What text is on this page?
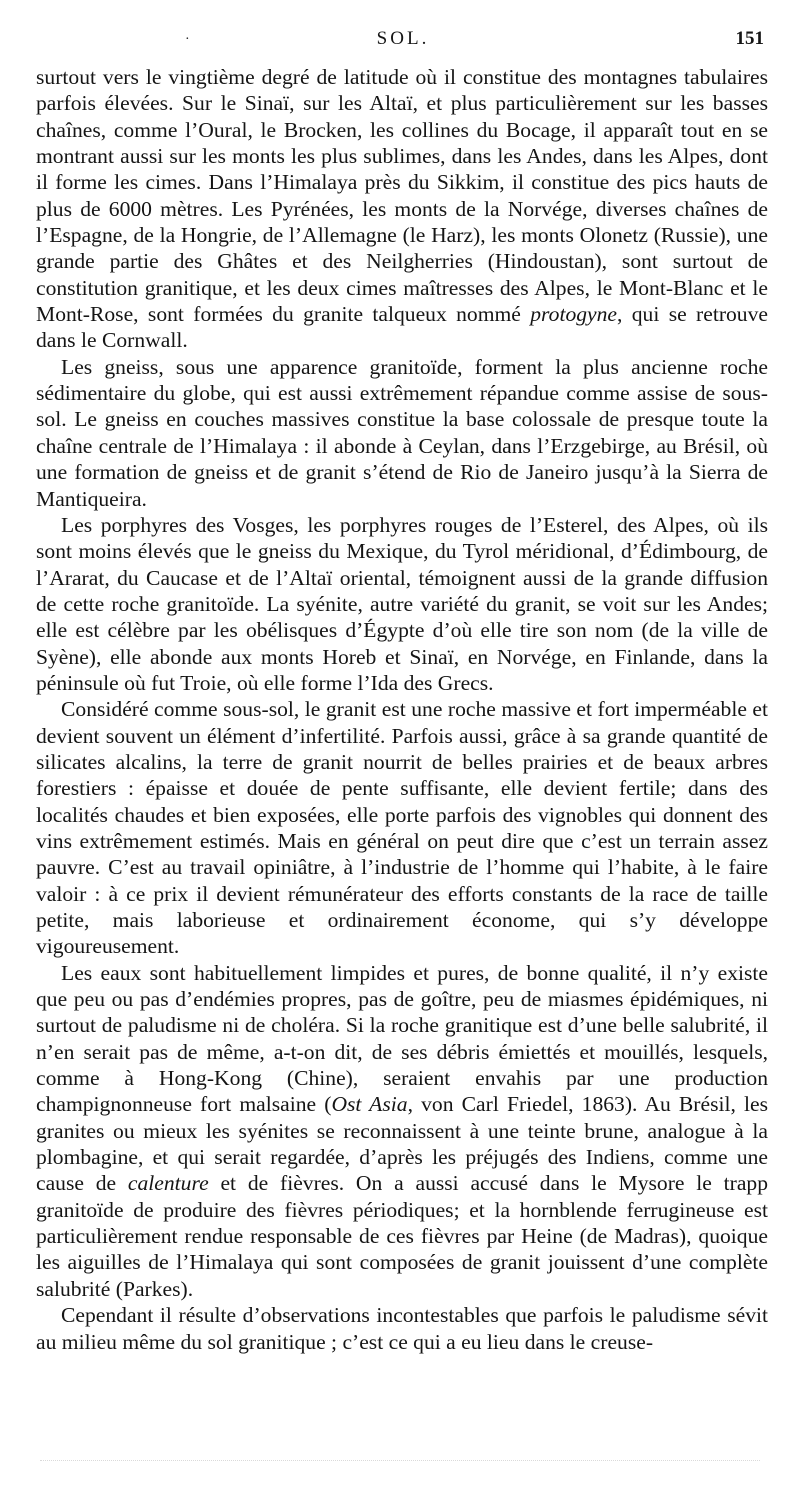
·	SOL.	151

surtout vers le vingtième degré de latitude où il constitue des montagnes tabulaires parfois élevées. Sur le Sinaï, sur les Altaï, et plus particulièrement sur les basses chaînes, comme l’Oural, le Brocken, les collines du Bocage, il apparaît tout en se montrant aussi sur les monts les plus sublimes, dans les Andes, dans les Alpes, dont il forme les cimes. Dans l’Himalaya près du Sikkim, il constitue des pics hauts de plus de 6000 mètres. Les Pyrénées, les monts de la Norvége, diverses chaînes de l’Espagne, de la Hongrie, de l’Allemagne (le Harz), les monts Olonetz (Russie), une grande partie des Ghâtes et des Neilgherries (Hindoustan), sont surtout de constitution granitique, et les deux cimes maîtresses des Alpes, le Mont-Blanc et le Mont-Rose, sont formées du granite talqueux nommé protogyne, qui se retrouve dans le Cornwall.

Les gneiss, sous une apparence granitoïde, forment la plus ancienne roche sédimentaire du globe, qui est aussi extrêmement répandue comme assise de sous-sol. Le gneiss en couches massives constitue la base colossale de presque toute la chaîne centrale de l’Himalaya : il abonde à Ceylan, dans l’Erzgebirge, au Brésil, où une formation de gneiss et de granit s’étend de Rio de Janeiro jusqu’à la Sierra de Mantiqueira.

Les porphyres des Vosges, les porphyres rouges de l’Esterel, des Alpes, où ils sont moins élevés que le gneiss du Mexique, du Tyrol méridional, d’Édimbourg, de l’Ararat, du Caucase et de l’Altaï oriental, témoignent aussi de la grande diffusion de cette roche granitoïde. La syénite, autre variété du granit, se voit sur les Andes; elle est célèbre par les obélisques d’Égypte d’où elle tire son nom (de la ville de Syène), elle abonde aux monts Horeb et Sinaï, en Norvége, en Finlande, dans la péninsule où fut Troie, où elle forme l’Ida des Grecs.

Considéré comme sous-sol, le granit est une roche massive et fort imperméable et devient souvent un élément d’infertilité. Parfois aussi, grâce à sa grande quantité de silicates alcalins, la terre de granit nourrit de belles prairies et de beaux arbres forestiers : épaisse et douée de pente suffisante, elle devient fertile; dans des localités chaudes et bien exposées, elle porte parfois des vignobles qui donnent des vins extrêmement estimés. Mais en général on peut dire que c’est un terrain assez pauvre. C’est au travail opiniâtre, à l’industrie de l’homme qui l’habite, à le faire valoir : à ce prix il devient rémunérateur des efforts constants de la race de taille petite, mais laborieuse et ordinairement économe, qui s’y développe vigoureusement.

Les eaux sont habituellement limpides et pures, de bonne qualité, il n’y existe que peu ou pas d’endémies propres, pas de goître, peu de miasmes épidémiques, ni surtout de paludisme ni de choléra. Si la roche granitique est d’une belle salubrité, il n’en serait pas de même, a-t-on dit, de ses débris émiettés et mouillés, lesquels, comme à Hong-Kong (Chine), seraient envahis par une production champignonneuse fort malsaine (Ost Asia, von Carl Friedel, 1863). Au Brésil, les granites ou mieux les syénites se reconnaissent à une teinte brune, analogue à la plombagine, et qui serait regardée, d’après les préjugés des Indiens, comme une cause de calenture et de fièvres. On a aussi accusé dans le Mysore le trapp granitoïde de produire des fièvres périodiques; et la hornblende ferrugineuse est particulièrement rendue responsable de ces fièvres par Heine (de Madras), quoique les aiguilles de l’Himalaya qui sont composées de granit jouissent d’une complète salubrité (Parkes).

Cependant il résulte d’observations incontestables que parfois le paludisme sévit au milieu même du sol granitique ; c’est ce qui a eu lieu dans le creuse-
